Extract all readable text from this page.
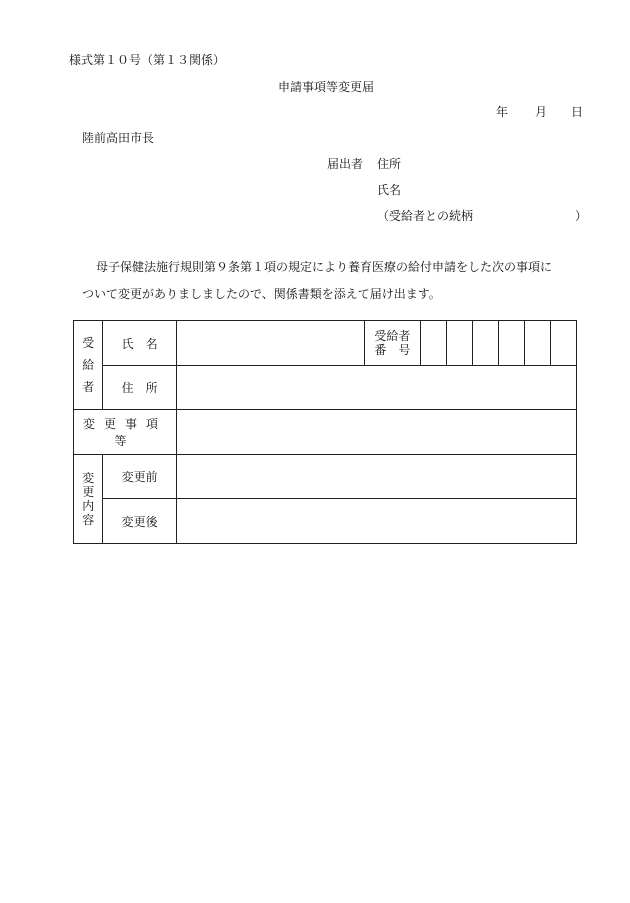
様式第１０号（第１３関係）
申請事項等変更届
年 月 日
陸前高田市長
届出者 住所
氏名
（受給者との続柄	）
母子保健法施行規則第９条第１項の規定により養育医療の給付申請をした次の事項に
ついて変更がありましましたので、関係書類を添えて届け出ます。
受
給
者	氏　名		受給者
番　号						

	住　所								
変更事項等									

変
更
内
容	変更前								
	変更後								
